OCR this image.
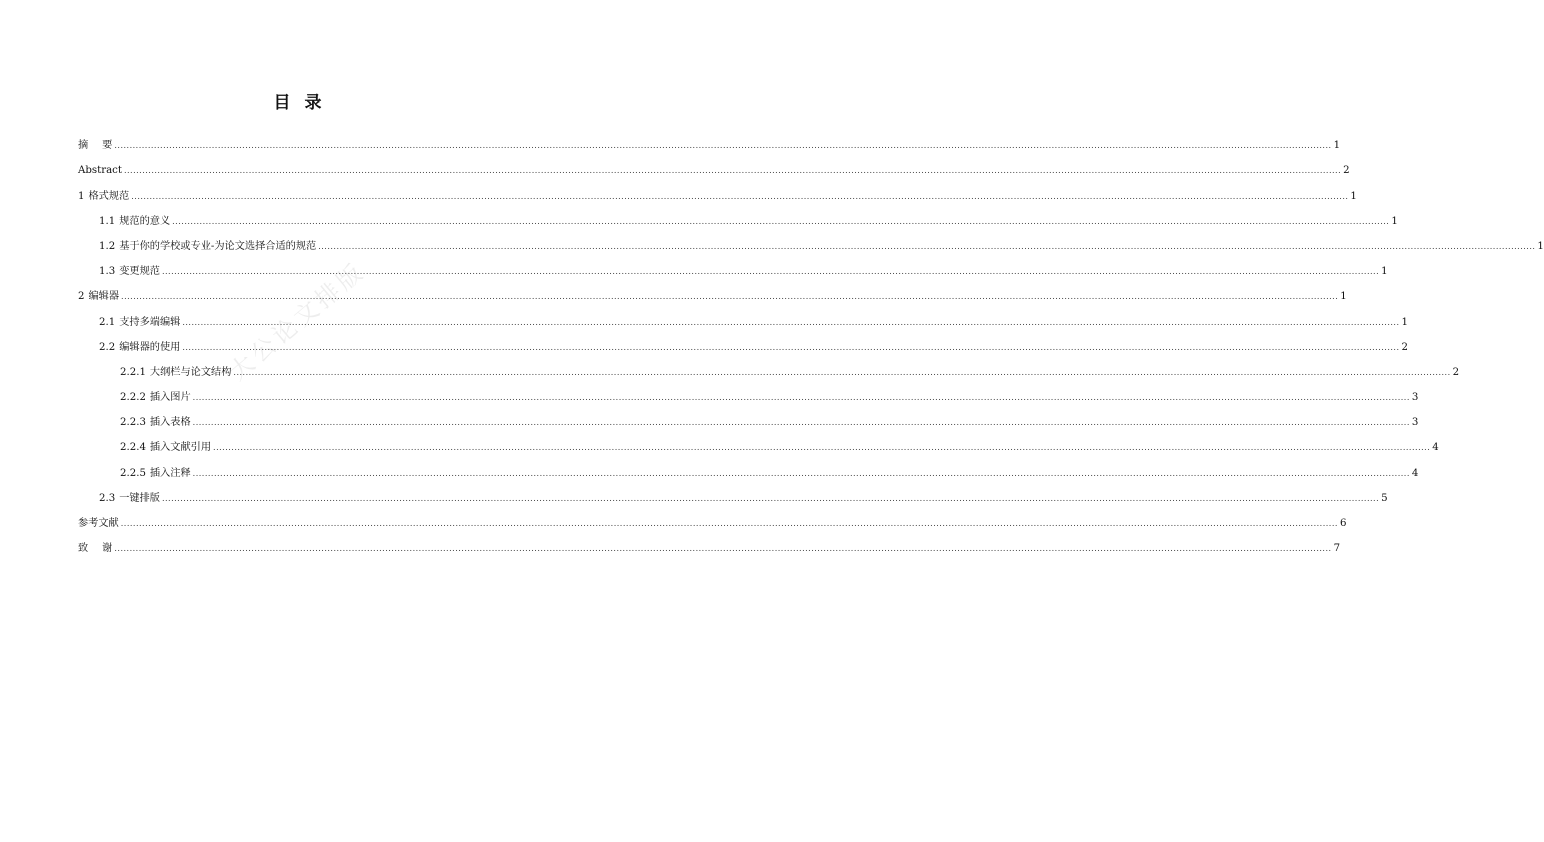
目 录
摘要
................................................................................................................................................................................................................................................................................................................................................................................................................ 1
Abstract ................................................................................................................................................................................................................................................................................................................................................................................................................ 2
1 格式规范 ................................................................................................................................................................................................................................................................................................................................................................................................................ 1
1.1 规范的意义 ................................................................................................................................................................................................................................................................................................................................................................................................................ 1
1.2 基于你的学校或专业-为论文选择合适的规范 ................................................................................................................................................................................................................................................................................................................................................................................................................ 1
1.3 变更规范 ................................................................................................................................................................................................................................................................................................................................................................................................................ 1
2 编辑器 ................................................................................................................................................................................................................................................................................................................................................................................................................ 1
2.1 支持多端编辑 ................................................................................................................................................................................................................................................................................................................................................................................................................ 1
2.2 编辑器的使用 ................................................................................................................................................................................................................................................................................................................................................................................................................ 2
2.2.1 大纲栏与论文结构 ................................................................................................................................................................................................................................................................................................................................................................................................................ 2
2.2.2 插入图片 ................................................................................................................................................................................................................................................................................................................................................................................................................ 3
2.2.3 插入表格 ................................................................................................................................................................................................................................................................................................................................................................................................................ 3
2.2.4 插入文献引用 ................................................................................................................................................................................................................................................................................................................................................................................................................ 4
2.2.5 插入注释 ................................................................................................................................................................................................................................................................................................................................................................................................................ 4
2.3 一键排版 ................................................................................................................................................................................................................................................................................................................................................................................................................ 5
参考文献 ................................................................................................................................................................................................................................................................................................................................................................................................................ 6
致谢
................................................................................................................................................................................................................................................................................................................................................................................................................ 7
大公论文排版
